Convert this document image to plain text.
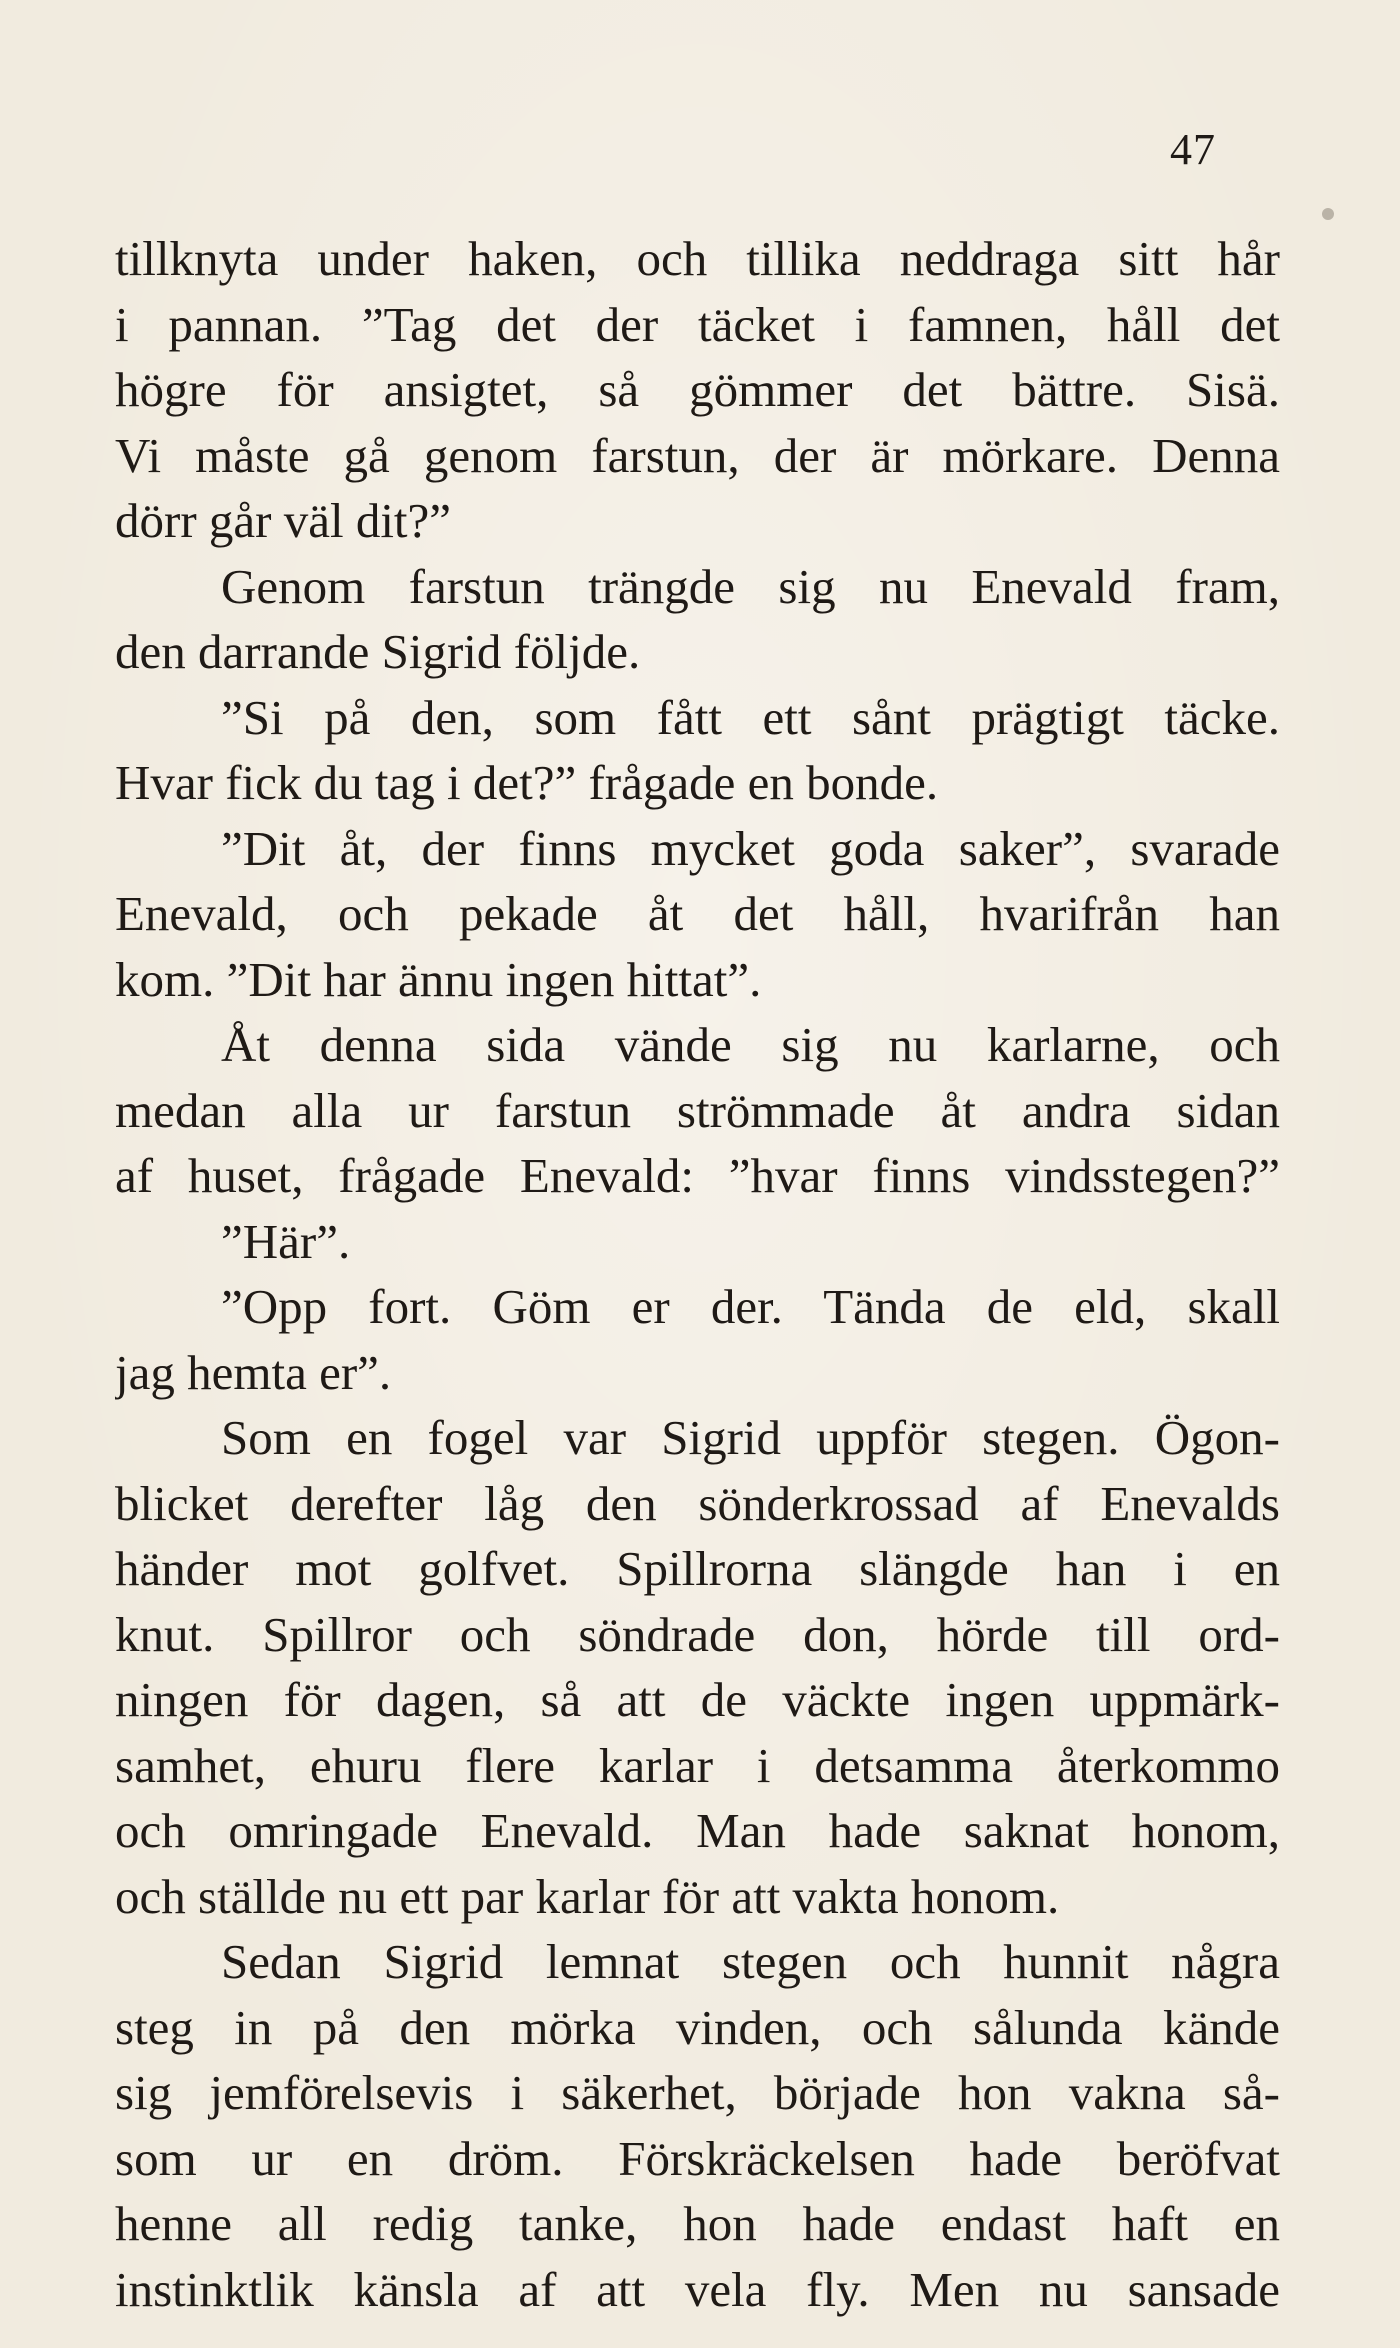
47
tillknyta under haken, och tillika neddraga sitt hår
i pannan. ”Tag det der täcket i famnen, håll det
högre för ansigtet, så gömmer det bättre. Sisä.
Vi måste gå genom farstun, der är mörkare. Denna
dörr går väl dit?”
Genom farstun trängde sig nu Enevald fram,
den darrande Sigrid följde.
”Si på den, som fått ett sånt prägtigt täcke.
Hvar fick du tag i det?” frågade en bonde.
”Dit åt, der finns mycket goda saker”, svarade
Enevald, och pekade åt det håll, hvarifrån han
kom. ”Dit har ännu ingen hittat”.
Åt denna sida vände sig nu karlarne, och
medan alla ur farstun strömmade åt andra sidan
af huset, frågade Enevald: ”hvar finns vindsstegen?”
”Här”.
”Opp fort. Göm er der. Tända de eld, skall
jag hemta er”.
Som en fogel var Sigrid uppför stegen. Ögon-
blicket derefter låg den sönderkrossad af Enevalds
händer mot golfvet. Spillrorna slängde han i en
knut. Spillror och söndrade don, hörde till ord-
ningen för dagen, så att de väckte ingen uppmärk-
samhet, ehuru flere karlar i detsamma återkommo
och omringade Enevald. Man hade saknat honom,
och ställde nu ett par karlar för att vakta honom.
Sedan Sigrid lemnat stegen och hunnit några
steg in på den mörka vinden, och sålunda kände
sig jemförelsevis i säkerhet, började hon vakna så-
som ur en dröm. Förskräckelsen hade beröfvat
henne all redig tanke, hon hade endast haft en
instinktlik känsla af att vela fly. Men nu sansade
